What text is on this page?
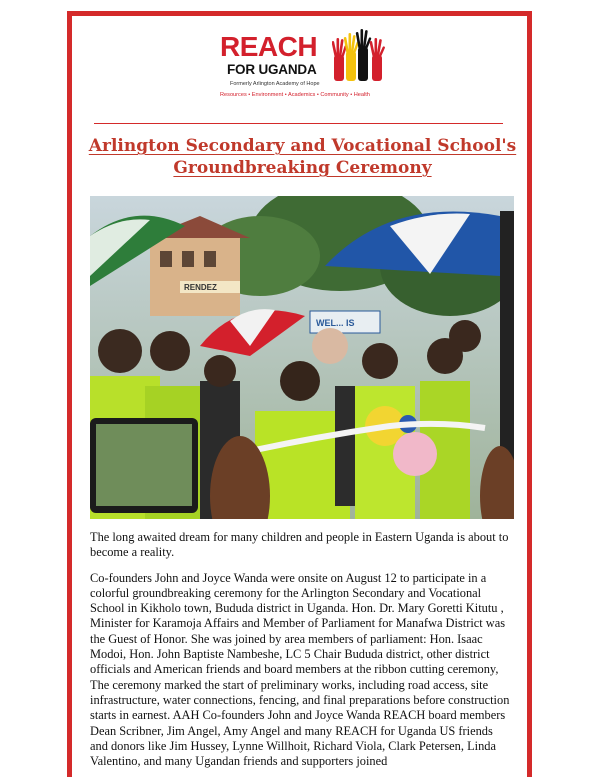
REACH
FOR UGANDA
Formerly Arlington Academy of Hope
Resources • Environment • Academics • Community • Health
Arlington Secondary and Vocational School's Groundbreaking Ceremony
RENDEZ
WEL... IS

The long awaited dream for many children and people in Eastern Uganda is about to become a reality.

Co-founders John and Joyce Wanda were onsite on August 12 to participate in a colorful groundbreaking ceremony for the Arlington Secondary and Vocational School in Kikholo town, Bududa district in Uganda. Hon. Dr. Mary Goretti Kitutu , Minister for Karamoja Affairs and Member of Parliament for Manafwa District was the Guest of Honor. She was joined by area members of parliament: Hon. Isaac Modoi, Hon. John Baptiste Nambeshe, LC 5 Chair Bududa district, other district officials and American friends and board members at the ribbon cutting ceremony, The ceremony marked the start of preliminary works, including road access, site infrastructure, water connections, fencing, and final preparations before construction starts in earnest. AAH Co-founders John and Joyce Wanda REACH board members Dean Scribner, Jim Angel, Amy Angel and many REACH for Uganda US friends and donors like Jim Hussey, Lynne Willhoit, Richard Viola, Clark Petersen, Linda Valentino, and many Ugandan friends and supporters joined
